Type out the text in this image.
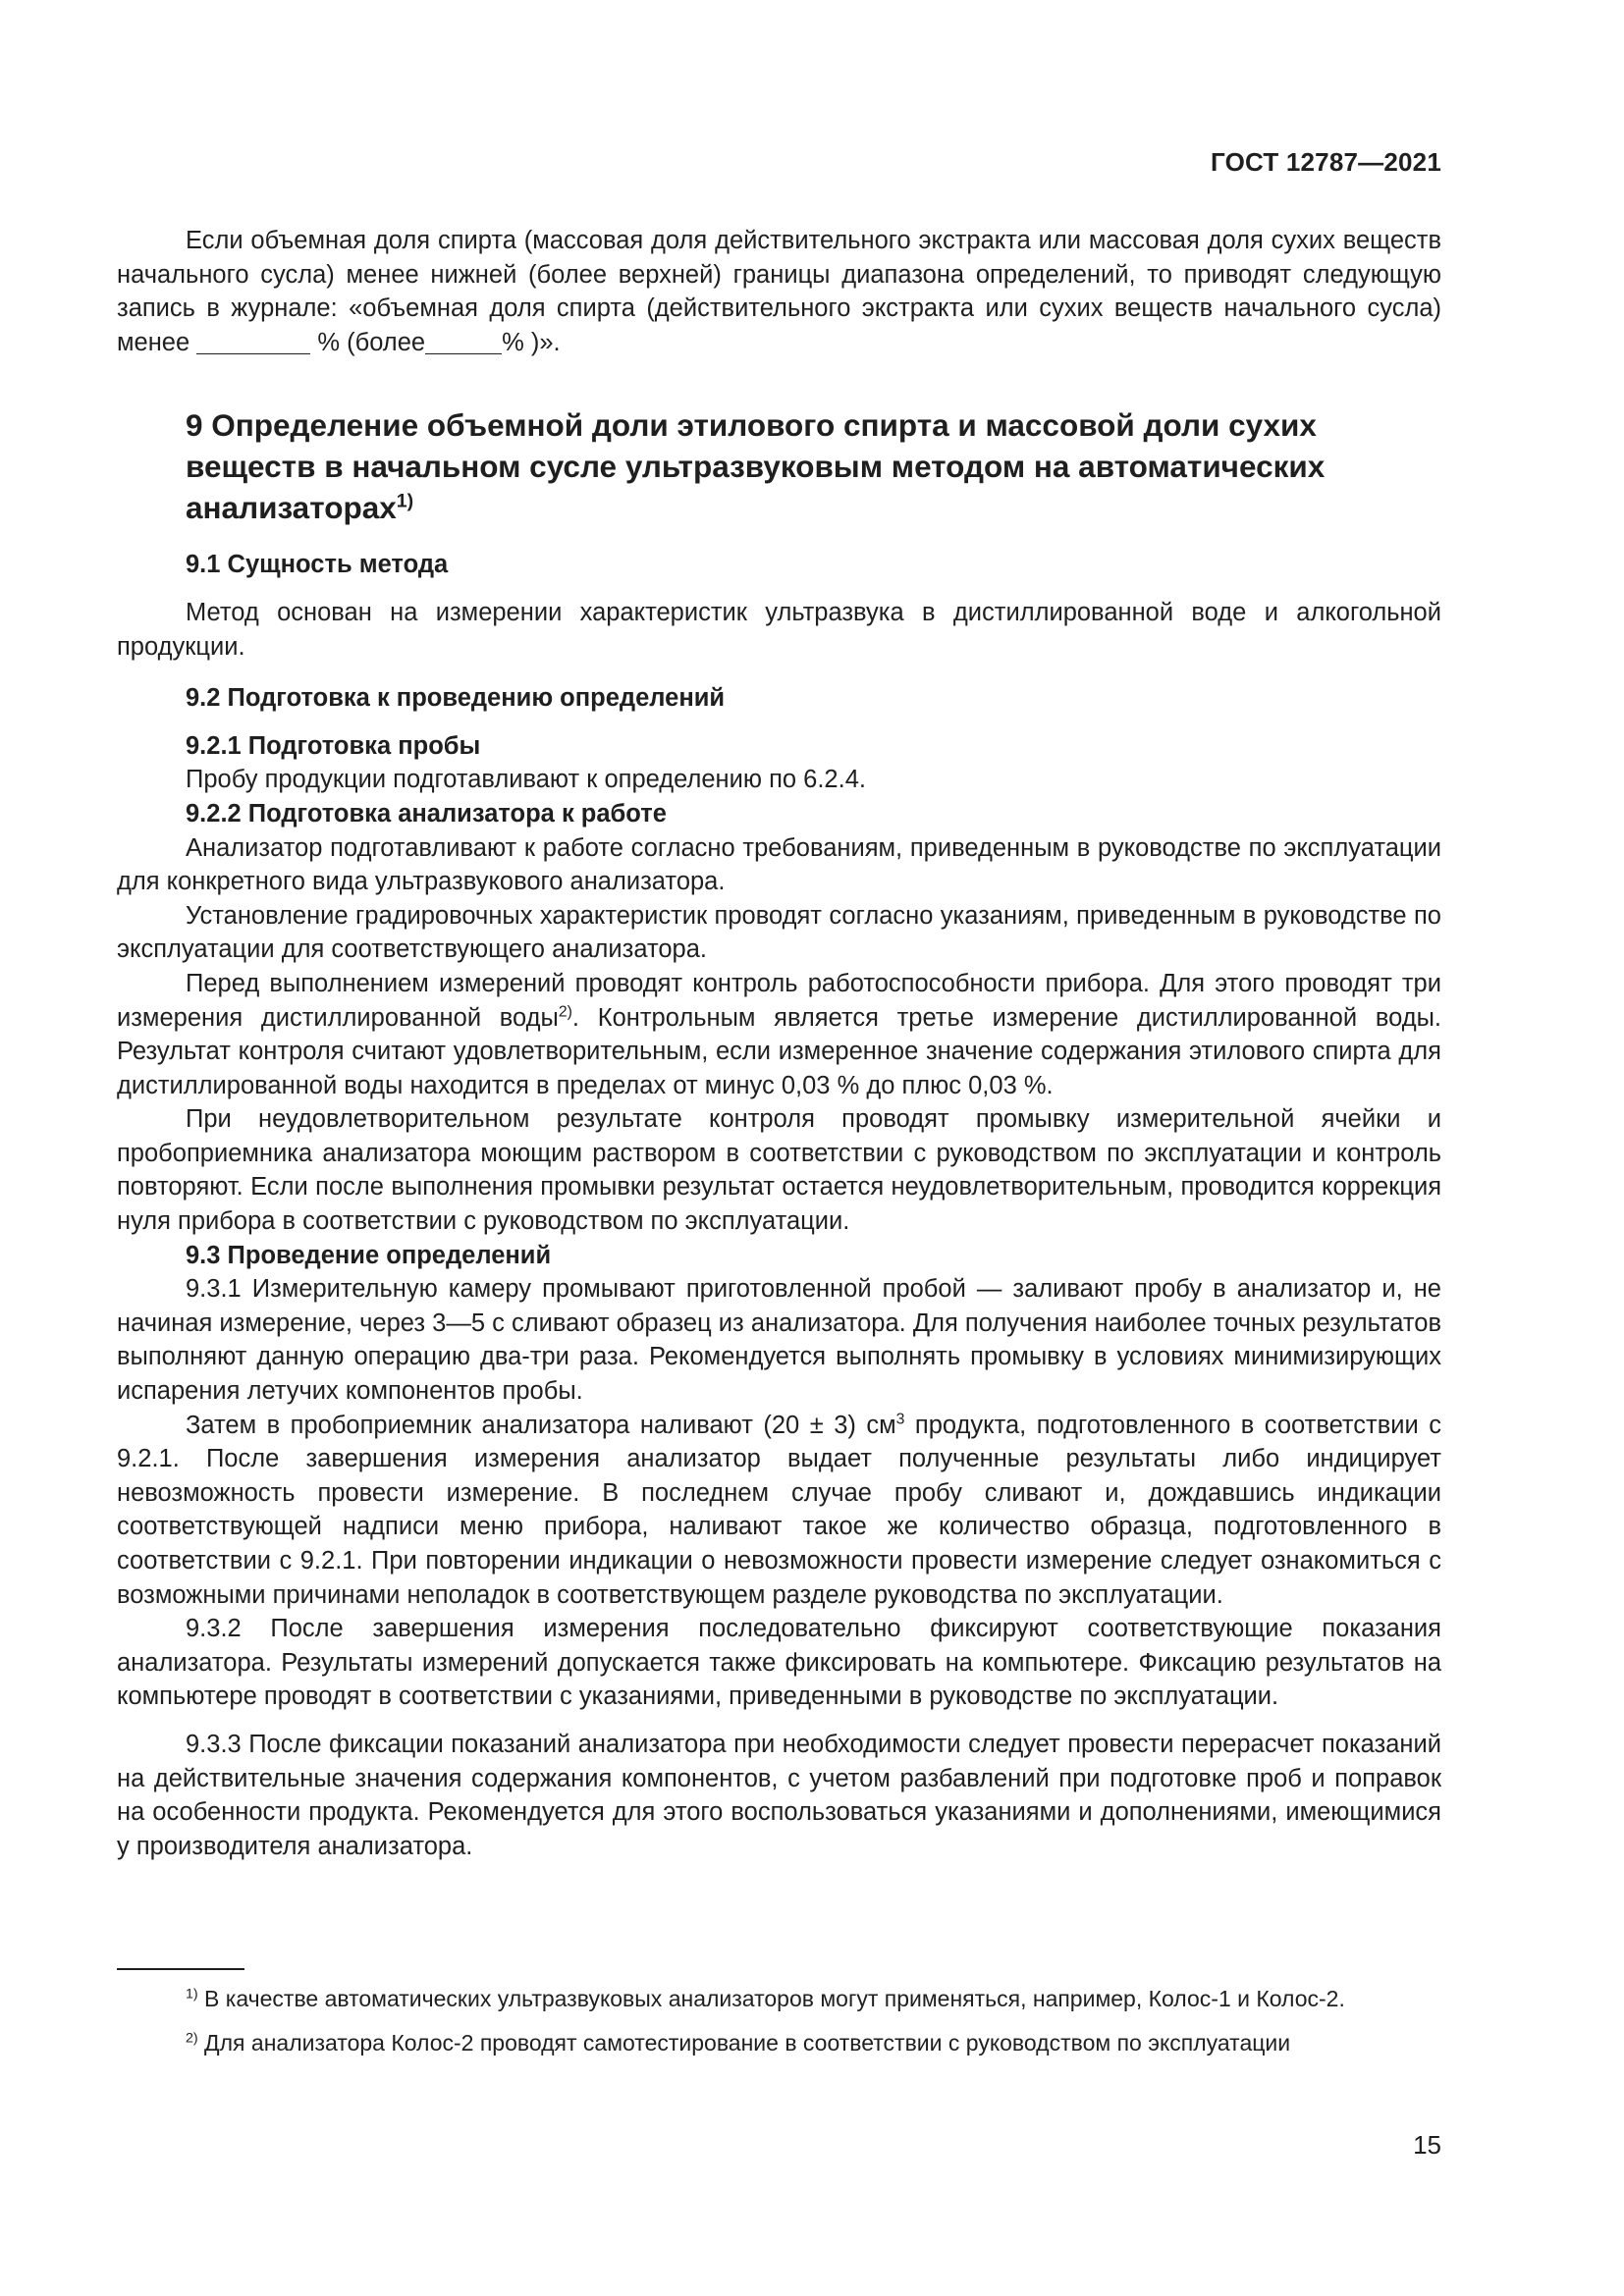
ГОСТ 12787—2021

Если объемная доля спирта (массовая доля действительного экстракта или массовая доля сухих веществ начального сусла) менее нижней (более верхней) границы диапазона определений, то приводят следующую запись в журнале: «объемная доля спирта (действительного экстракта или сухих веществ начального сусла) менее	% (более	% )».

9 Определение объемной доли этилового спирта и массовой доли сухих веществ в начальном сусле ультразвуковым методом на автоматических анализаторах$^{1)}$

9.1 Сущность метода

Метод основан на измерении характеристик ультразвука в дистиллированной воде и алкогольной продукции.

9.2 Подготовка к проведению определений

9.2.1 Подготовка пробы

Пробу продукции подготавливают к определению по 6.2.4.

9.2.2 Подготовка анализатора к работе

Анализатор подготавливают к работе согласно требованиям, приведенным в руководстве по эксплуатации для конкретного вида ультразвукового анализатора.

Установление градировочных характеристик проводят согласно указаниям, приведенным в руководстве по эксплуатации для соответствующего анализатора.

Перед выполнением измерений проводят контроль работоспособности прибора. Для этого проводят три измерения дистиллированной воды$^{2)}$. Контрольным является третье измерение дистиллированной воды. Результат контроля считают удовлетворительным, если измеренное значение содержания этилового спирта для дистиллированной воды находится в пределах от минус 0,03 % до плюс 0,03 %.

При неудовлетворительном результате контроля проводят промывку измерительной ячейки и пробоприемника анализатора моющим раствором в соответствии с руководством по эксплуатации и контроль повторяют. Если после выполнения промывки результат остается неудовлетворительным, проводится коррекция нуля прибора в соответствии с руководством по эксплуатации.

9.3 Проведение определений

9.3.1 Измерительную камеру промывают приготовленной пробой — заливают пробу в анализатор и, не начиная измерение, через 3—5 с сливают образец из анализатора. Для получения наиболее точных результатов выполняют данную операцию два-три раза. Рекомендуется выполнять промывку в условиях минимизирующих испарения летучих компонентов пробы.

Затем в пробоприемник анализатора наливают (20 ± 3) $см^3$ продукта, подготовленного в соответствии с 9.2.1. После завершения измерения анализатор выдает полученные результаты либо индицирует невозможность провести измерение. В последнем случае пробу сливают и, дождавшись индикации соответствующей надписи меню прибора, наливают такое же количество образца, подготовленного в соответствии с 9.2.1. При повторении индикации о невозможности провести измерение следует ознакомиться с возможными причинами неполадок в соответствующем разделе руководства по эксплуатации.

9.3.2 После завершения измерения последовательно фиксируют соответствующие показания анализатора. Результаты измерений допускается также фиксировать на компьютере. Фиксацию результатов на компьютере проводят в соответствии с указаниями, приведенными в руководстве по эксплуатации.

9.3.3 После фиксации показаний анализатора при необходимости следует провести перерасчет показаний на действительные значения содержания компонентов, с учетом разбавлений при подготовке проб и поправок на особенности продукта. Рекомендуется для этого воспользоваться указаниями и дополнениями, имеющимися у производителя анализатора.

$^{1)}$ В качестве автоматических ультразвуковых анализаторов могут применяться, например, Колос-1 и Колос-2.
$^{2)}$ Для анализатора Колос-2 проводят самотестирование в соответствии с руководством по эксплуатации
15
